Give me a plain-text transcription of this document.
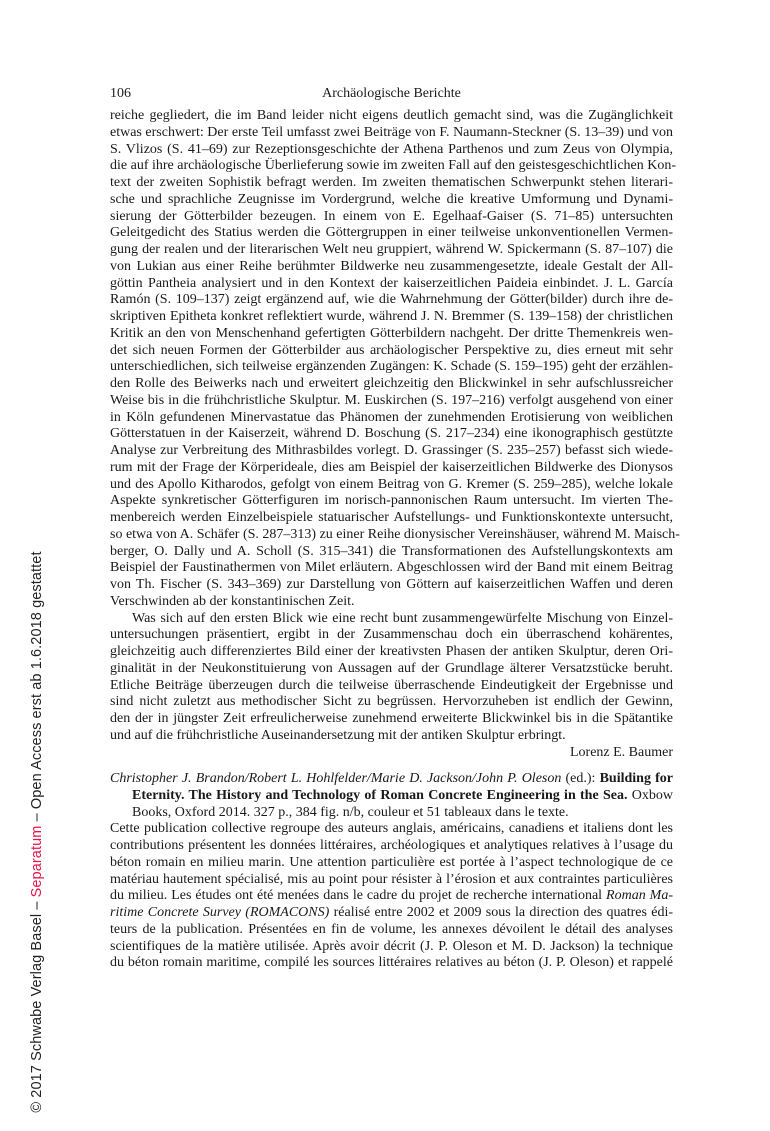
106	Archäologische Berichte
reiche gegliedert, die im Band leider nicht eigens deutlich gemacht sind, was die Zugänglichkeit
etwas erschwert: Der erste Teil umfasst zwei Beiträge von F. Naumann-Steckner (S. 13–39) und von
S. Vlizos (S. 41–69) zur Rezeptionsgeschichte der Athena Parthenos und zum Zeus von Olympia,
die auf ihre archäologische Überlieferung sowie im zweiten Fall auf den geistesgeschichtlichen Kon-
text der zweiten Sophistik befragt werden. Im zweiten thematischen Schwerpunkt stehen literari-
sche und sprachliche Zeugnisse im Vordergrund, welche die kreative Umformung und Dynami-
sierung der Götterbilder bezeugen. In einem von E. Egelhaaf-Gaiser (S. 71–85) untersuchten
Geleitgedicht des Statius werden die Göttergruppen in einer teilweise unkonventionellen Vermen-
gung der realen und der literarischen Welt neu gruppiert, während W. Spickermann (S. 87–107) die
von Lukian aus einer Reihe berühmter Bildwerke neu zusammengesetzte, ideale Gestalt der All-
göttin Pantheia analysiert und in den Kontext der kaiserzeitlichen Paideia einbindet. J. L. García
Ramón (S. 109–137) zeigt ergänzend auf, wie die Wahrnehmung der Götter(bilder) durch ihre de-
skriptiven Epitheta konkret reflektiert wurde, während J. N. Bremmer (S. 139–158) der christlichen
Kritik an den von Menschenhand gefertigten Götterbildern nachgeht. Der dritte Themenkreis wen-
det sich neuen Formen der Götterbilder aus archäologischer Perspektive zu, dies erneut mit sehr
unterschiedlichen, sich teilweise ergänzenden Zugängen: K. Schade (S. 159–195) geht der erzählen-
den Rolle des Beiwerks nach und erweitert gleichzeitig den Blickwinkel in sehr aufschlussreicher
Weise bis in die frühchristliche Skulptur. M. Euskirchen (S. 197–216) verfolgt ausgehend von einer
in Köln gefundenen Minervastatue das Phänomen der zunehmenden Erotisierung von weiblichen
Götterstatuen in der Kaiserzeit, während D. Boschung (S. 217–234) eine ikonographisch gestützte
Analyse zur Verbreitung des Mithrasbildes vorlegt. D. Grassinger (S. 235–257) befasst sich wiede-
rum mit der Frage der Körperideale, dies am Beispiel der kaiserzeitlichen Bildwerke des Dionysos
und des Apollo Kitharodos, gefolgt von einem Beitrag von G. Kremer (S. 259–285), welche lokale
Aspekte synkretischer Götterfiguren im norisch-pannonischen Raum untersucht. Im vierten The-
menbereich werden Einzelbeispiele statuarischer Aufstellungs- und Funktionskontexte untersucht,
so etwa von A. Schäfer (S. 287–313) zu einer Reihe dionysischer Vereinshäuser, während M. Maisch-
berger, O. Dally und A. Scholl (S. 315–341) die Transformationen des Aufstellungskontexts am
Beispiel der Faustinathermen von Milet erläutern. Abgeschlossen wird der Band mit einem Beitrag
von Th. Fischer (S. 343–369) zur Darstellung von Göttern auf kaiserzeitlichen Waffen und deren
Verschwinden ab der konstantinischen Zeit.
Was sich auf den ersten Blick wie eine recht bunt zusammengewürfelte Mischung von Einzel-
untersuchungen präsentiert, ergibt in der Zusammenschau doch ein überraschend kohärentes,
gleichzeitig auch differenziertes Bild einer der kreativsten Phasen der antiken Skulptur, deren Ori-
ginalität in der Neukonstituierung von Aussagen auf der Grundlage älterer Versatzstücke beruht.
Etliche Beiträge überzeugen durch die teilweise überraschende Eindeutigkeit der Ergebnisse und
sind nicht zuletzt aus methodischer Sicht zu begrüssen. Hervorzuheben ist endlich der Gewinn,
den der in jüngster Zeit erfreulicherweise zunehmend erweiterte Blickwinkel bis in die Spätantike
und auf die frühchristliche Auseinandersetzung mit der antiken Skulptur erbringt.
Lorenz E. Baumer
Christopher J. Brandon/Robert L. Hohlfelder/Marie D. Jackson/John P. Oleson (ed.): Building for
Eternity. The History and Technology of Roman Concrete Engineering in the Sea. Oxbow
Books, Oxford 2014. 327 p., 384 fig. n/b, couleur et 51 tableaux dans le texte.
Cette publication collective regroupe des auteurs anglais, américains, canadiens et italiens dont les
contributions présentent les données littéraires, archéologiques et analytiques relatives à l’usage du
béton romain en milieu marin. Une attention particulière est portée à l’aspect technologique de ce
matériau hautement spécialisé, mis au point pour résister à l’érosion et aux contraintes particulières
du milieu. Les études ont été menées dans le cadre du projet de recherche international Roman Ma-
ritime Concrete Survey (ROMACONS) réalisé entre 2002 et 2009 sous la direction des quatres édi-
teurs de la publication. Présentées en fin de volume, les annexes dévoilent le détail des analyses
scientifiques de la matière utilisée. Après avoir décrit (J. P. Oleson et M. D. Jackson) la technique
du béton romain maritime, compilé les sources littéraires relatives au béton (J. P. Oleson) et rappelé
© 2017 Schwabe Verlag Basel – Separatum – Open Access erst ab 1.6.2018 gestattet
